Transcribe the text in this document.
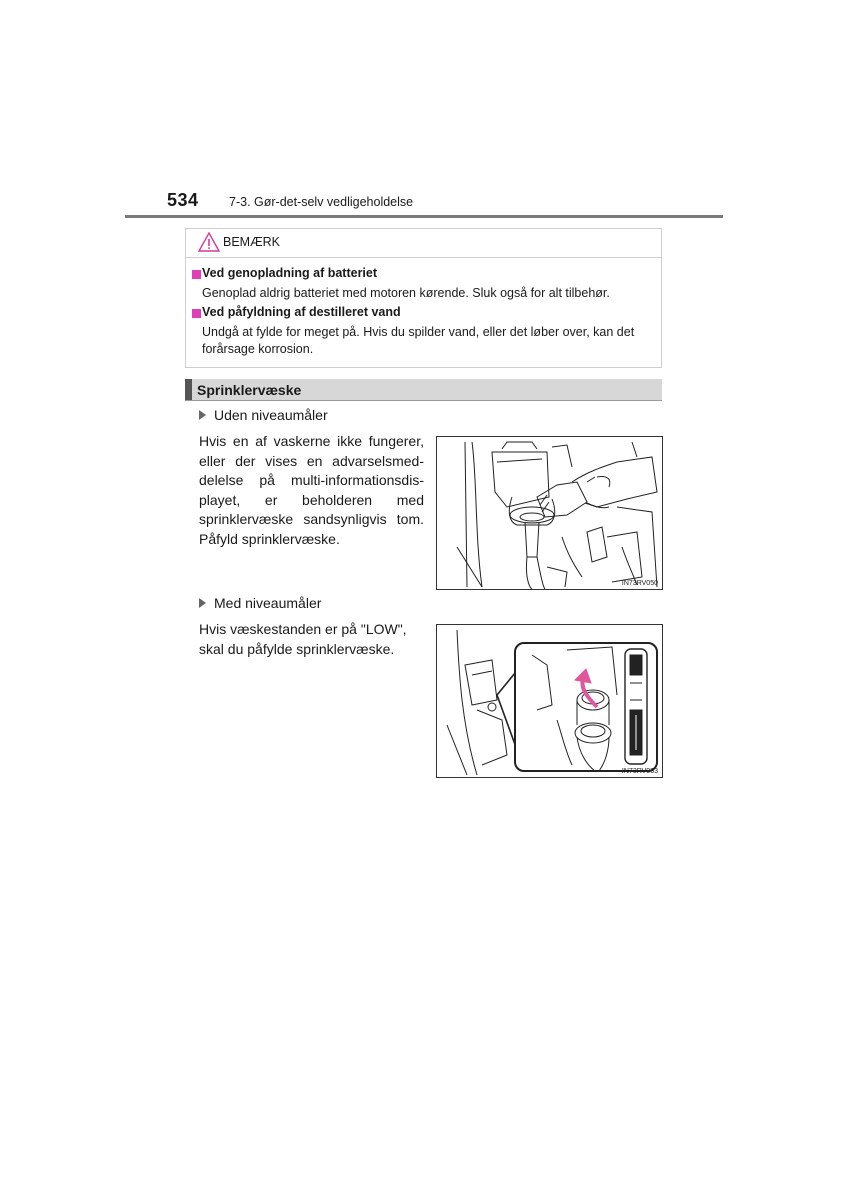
534 7-3. Gør-det-selv vedligeholdelse
BEMÆRK
Ved genopladning af batteriet
Genoplad aldrig batteriet med motoren kørende. Sluk også for alt tilbehør.
Ved påfyldning af destilleret vand
Undgå at fylde for meget på. Hvis du spilder vand, eller det løber over, kan det forårsage korrosion.
Sprinklervæske
Uden niveaumåler
Hvis en af vaskerne ikke fungerer,
eller der vises en advarselsmed-
delelse på multi-informationsdis-
playet, er beholderen med
sprinklervæske sandsynligvis tom.
Påfyld sprinklervæske.
IN73RV050
Med niveaumåler
Hvis væskestanden er på "LOW",
skal du påfylde sprinklervæske.
IN73RV033
